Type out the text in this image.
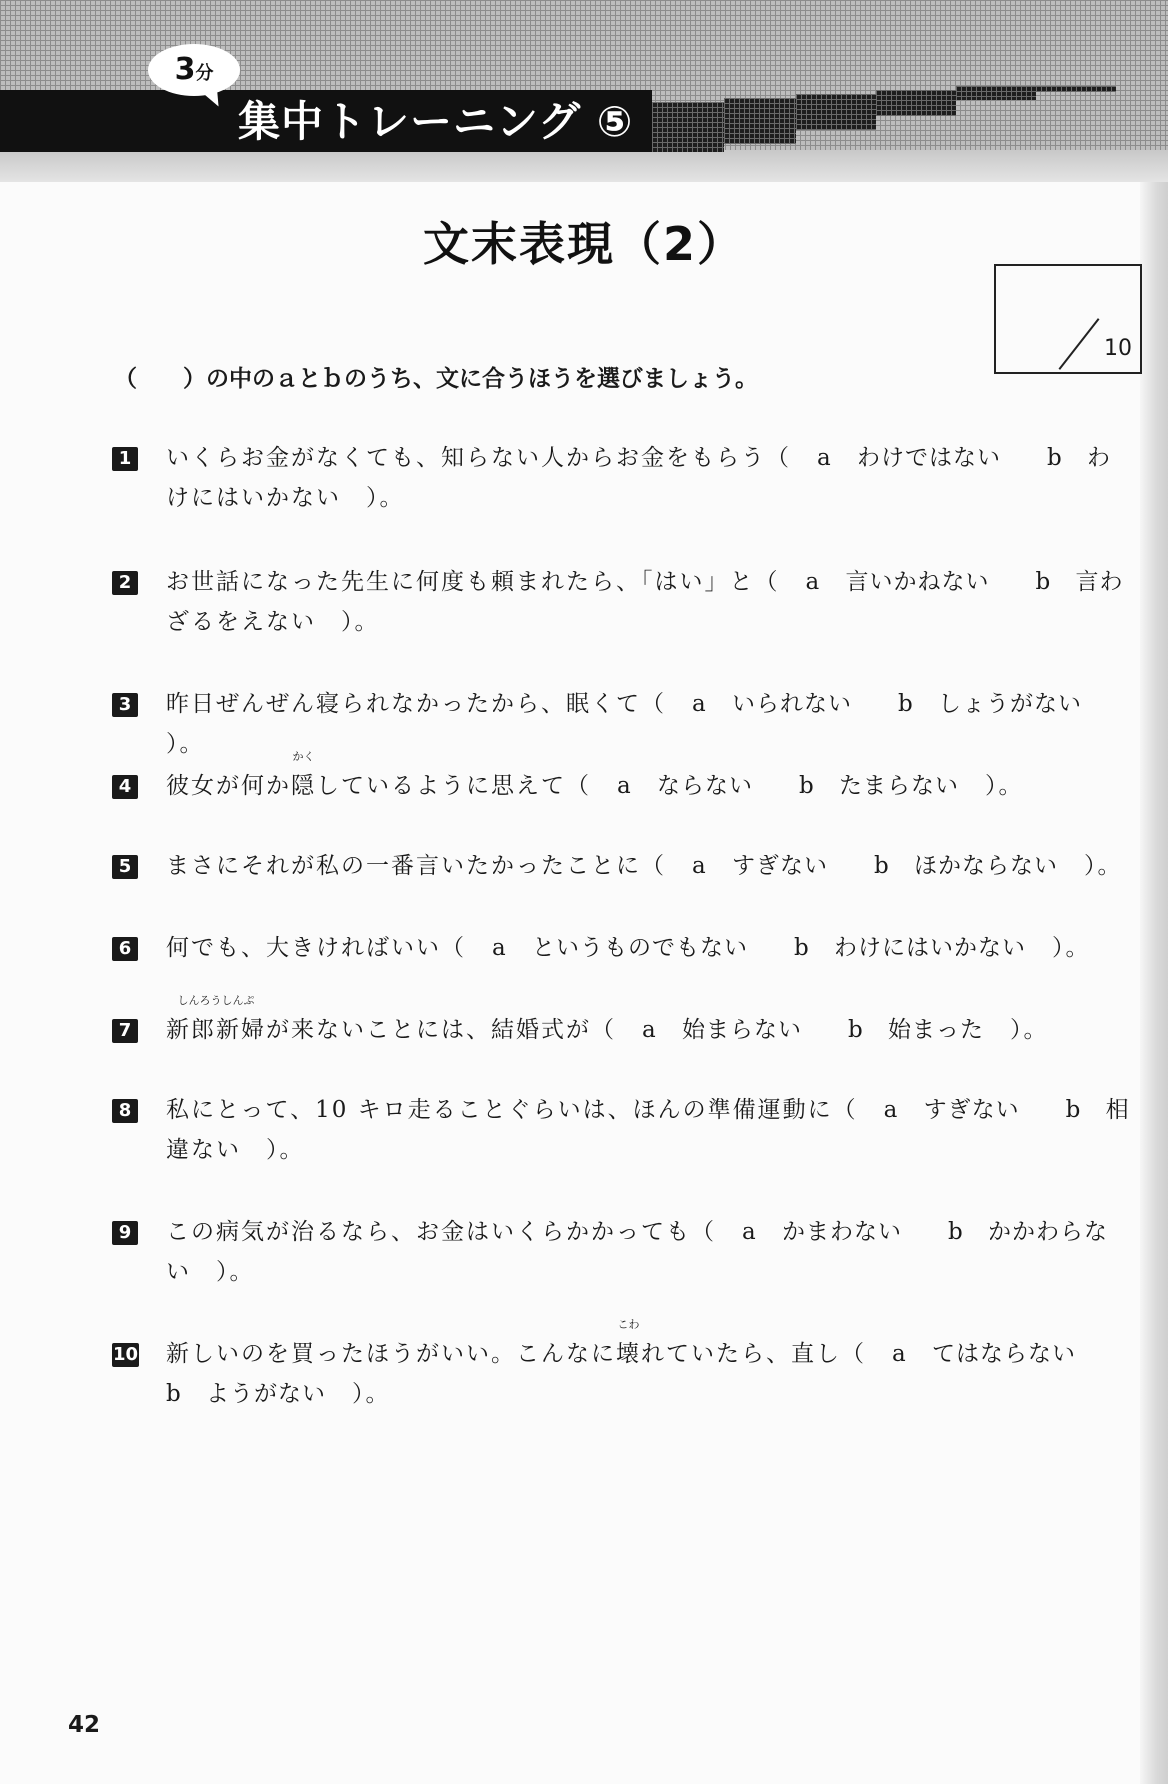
集中トレーニング ⑤
3分
文末表現（2）
10
（　　）の中のａとｂのうち、文に合うほうを選びましょう。
1 いくらお金がなくても、知らない人からお金をもらう（ a わけではない b わ
けにはいかない　）。
2 お世話になった先生に何度も頼まれたら、「はい」と（ a 言いかねない b 言わ
ざるをえない　）。
3 昨日ぜんぜん寝られなかったから、眠くて（ a いられない b しょうがない）。
4 彼女が何か
かく
隠しているように思えて（ a ならない b たまらない ）。
5 まさにそれが私の一番言いたかったことに（ a すぎない b ほかならない ）。
6 何でも、大きければいい（ a というものでもない b わけにはいかない ）。
7
しんろうしんぷ
新郎新婦が来ないことには、結婚式が（ a 始まらない b 始まった ）。
8 私にとって、10 キロ走ることぐらいは、ほんの準備運動に（ a すぎない b 相
違ない　）。
9 この病気が治るなら、お金はいくらかかっても（ a かまわない b かかわらな
い　）。
10 新しいのを買ったほうがいい。こんなに
こわ
壊れていたら、直し（ a てはならない
b ようがない ）。
42
